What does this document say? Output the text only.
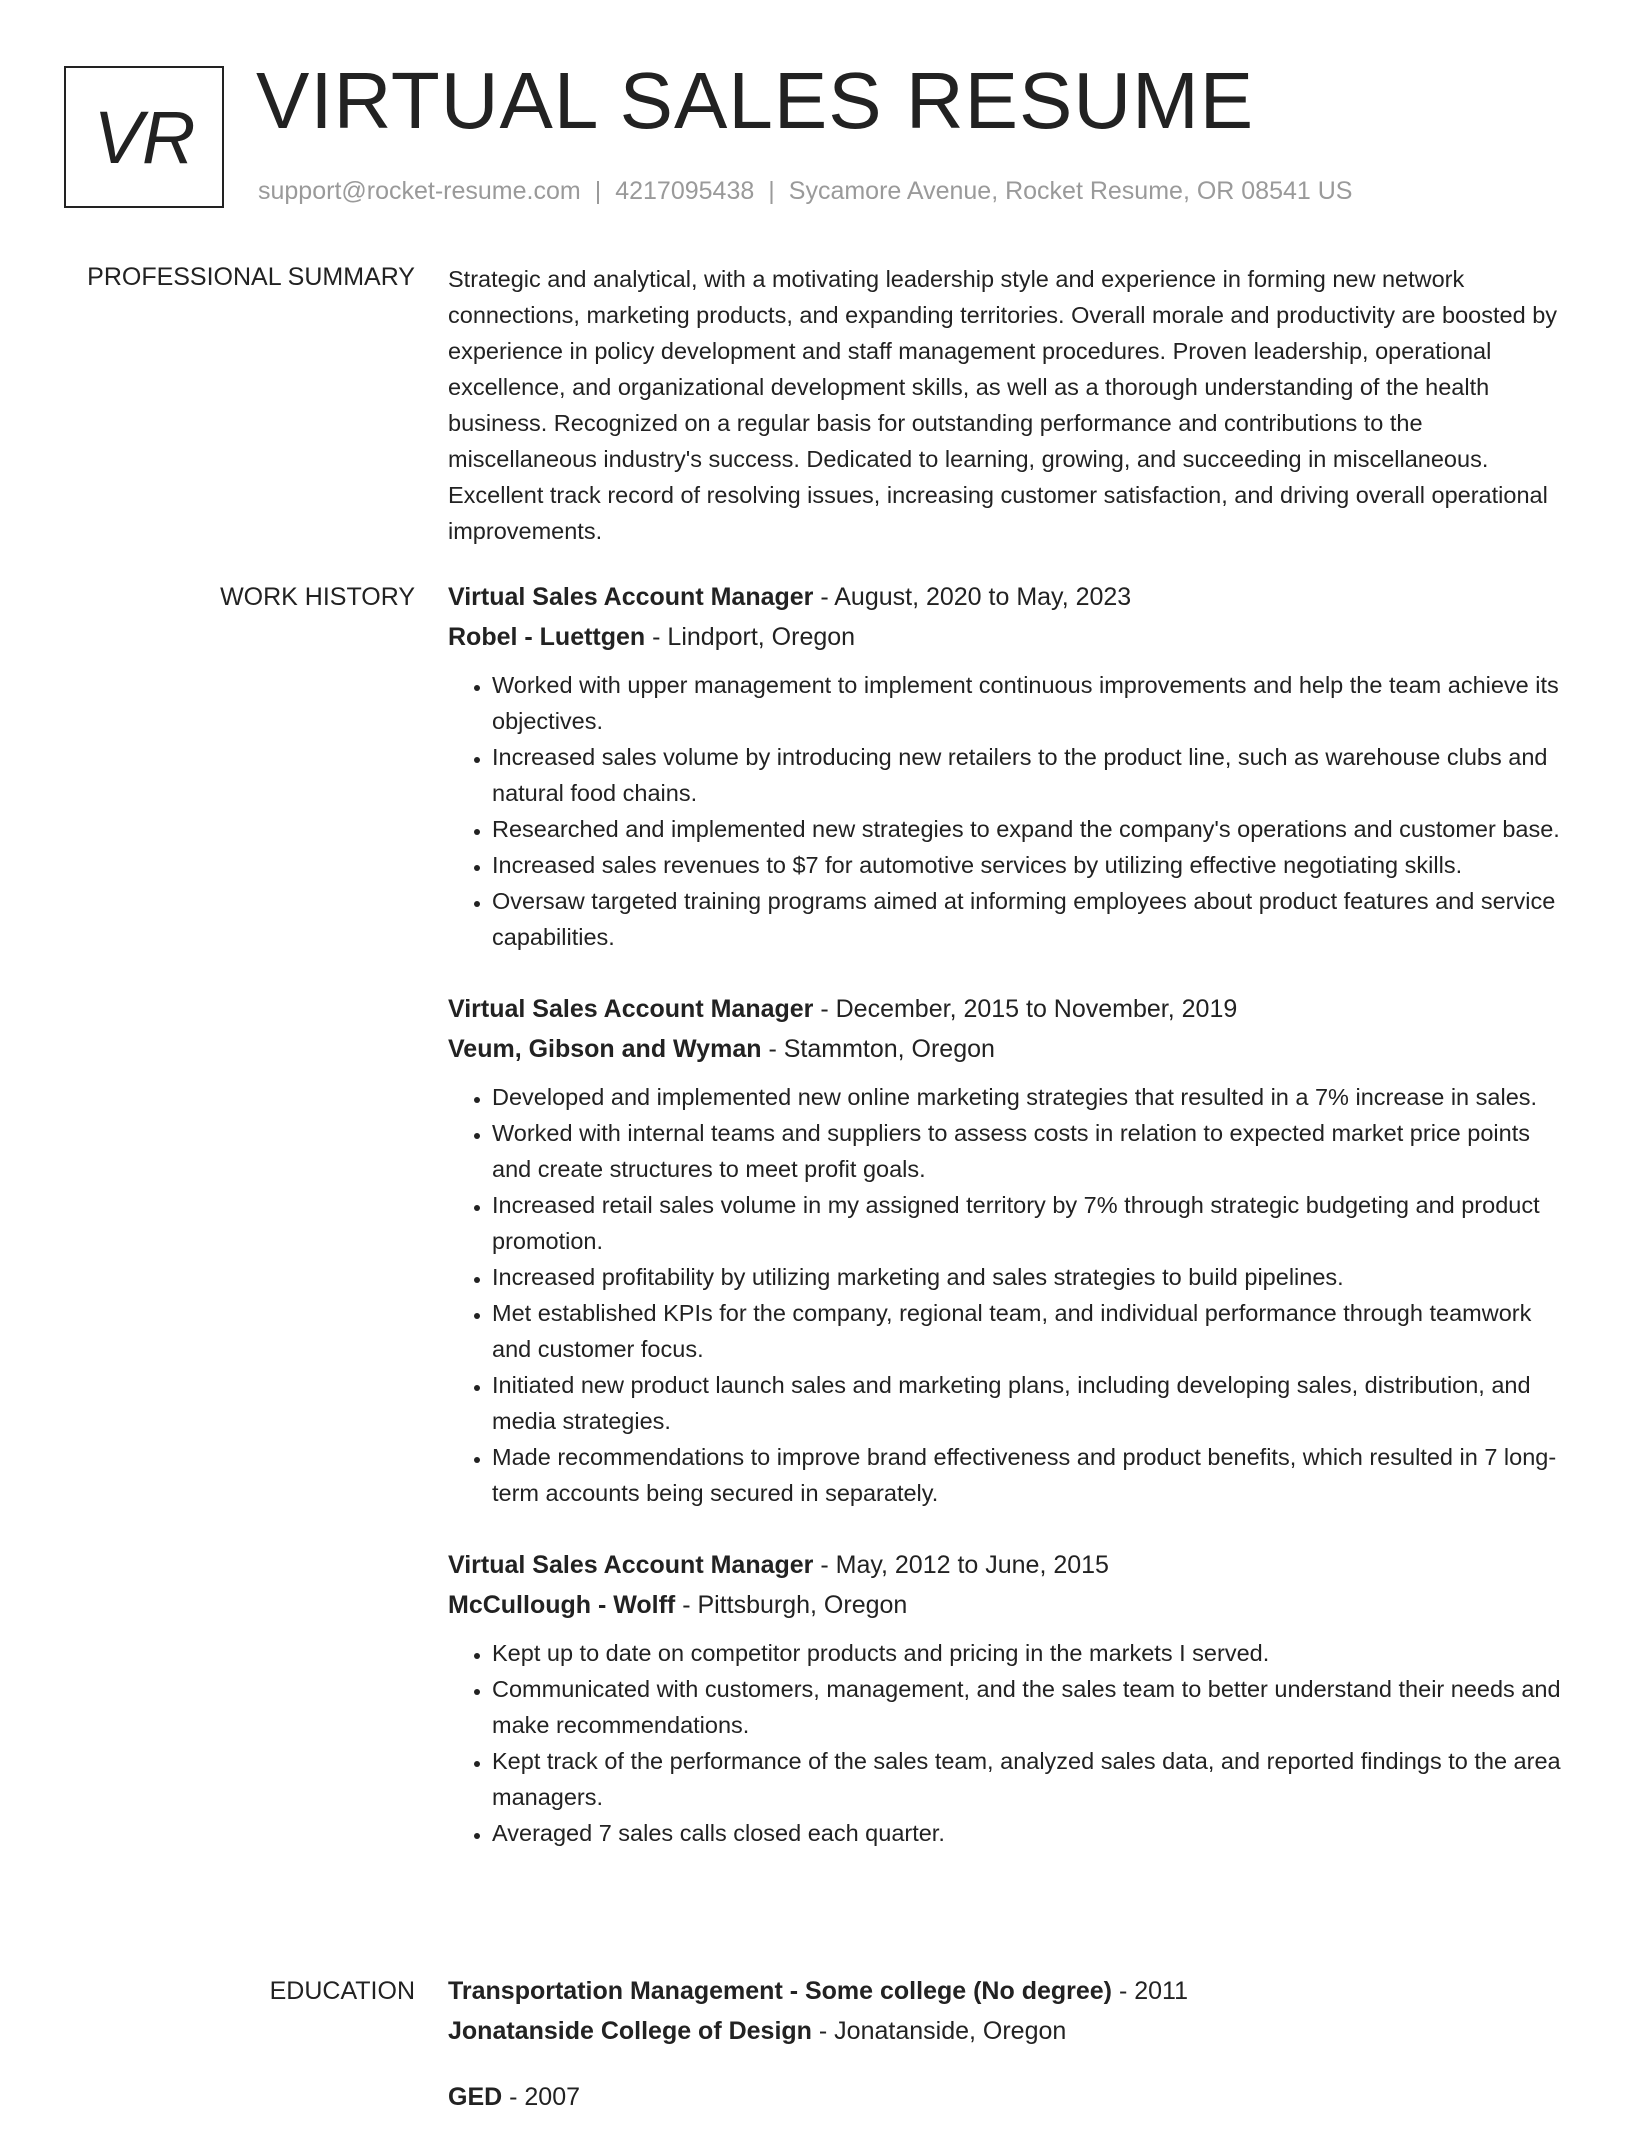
VR VIRTUAL SALES RESUME
support@rocket-resume.com | 4217095438 | Sycamore Avenue, Rocket Resume, OR 08541 US
PROFESSIONAL SUMMARY Strategic and analytical, with a motivating leadership style and experience in forming new network connections, marketing products, and expanding territories. Overall morale and productivity are boosted by experience in policy development and staff management procedures. Proven leadership, operational excellence, and organizational development skills, as well as a thorough understanding of the health business. Recognized on a regular basis for outstanding performance and contributions to the miscellaneous industry's success. Dedicated to learning, growing, and succeeding in miscellaneous. Excellent track record of resolving issues, increasing customer satisfaction, and driving overall operational improvements.

WORK HISTORY Virtual Sales Account Manager - August, 2020 to May, 2023
Robel - Luettgen - Lindport, Oregon
• Worked with upper management to implement continuous improvements and help the team achieve its objectives.
• Increased sales volume by introducing new retailers to the product line, such as warehouse clubs and natural food chains.
• Researched and implemented new strategies to expand the company's operations and customer base.
• Increased sales revenues to $7 for automotive services by utilizing effective negotiating skills.
• Oversaw targeted training programs aimed at informing employees about product features and service capabilities.
Virtual Sales Account Manager - December, 2015 to November, 2019
Veum, Gibson and Wyman - Stammton, Oregon
• Developed and implemented new online marketing strategies that resulted in a 7% increase in sales.
• Worked with internal teams and suppliers to assess costs in relation to expected market price points and create structures to meet profit goals.
• Increased retail sales volume in my assigned territory by 7% through strategic budgeting and product promotion.
• Increased profitability by utilizing marketing and sales strategies to build pipelines.
• Met established KPIs for the company, regional team, and individual performance through teamwork and customer focus.
• Initiated new product launch sales and marketing plans, including developing sales, distribution, and media strategies.
• Made recommendations to improve brand effectiveness and product benefits, which resulted in 7 long-term accounts being secured in separately.
Virtual Sales Account Manager - May, 2012 to June, 2015
McCullough - Wolff - Pittsburgh, Oregon
• Kept up to date on competitor products and pricing in the markets I served.
• Communicated with customers, management, and the sales team to better understand their needs and make recommendations.
• Kept track of the performance of the sales team, analyzed sales data, and reported findings to the area managers.
• Averaged 7 sales calls closed each quarter.
EDUCATION Transportation Management - Some college (No degree) - 2011
Jonatanside College of Design - Jonatanside, Oregon
GED - 2007
